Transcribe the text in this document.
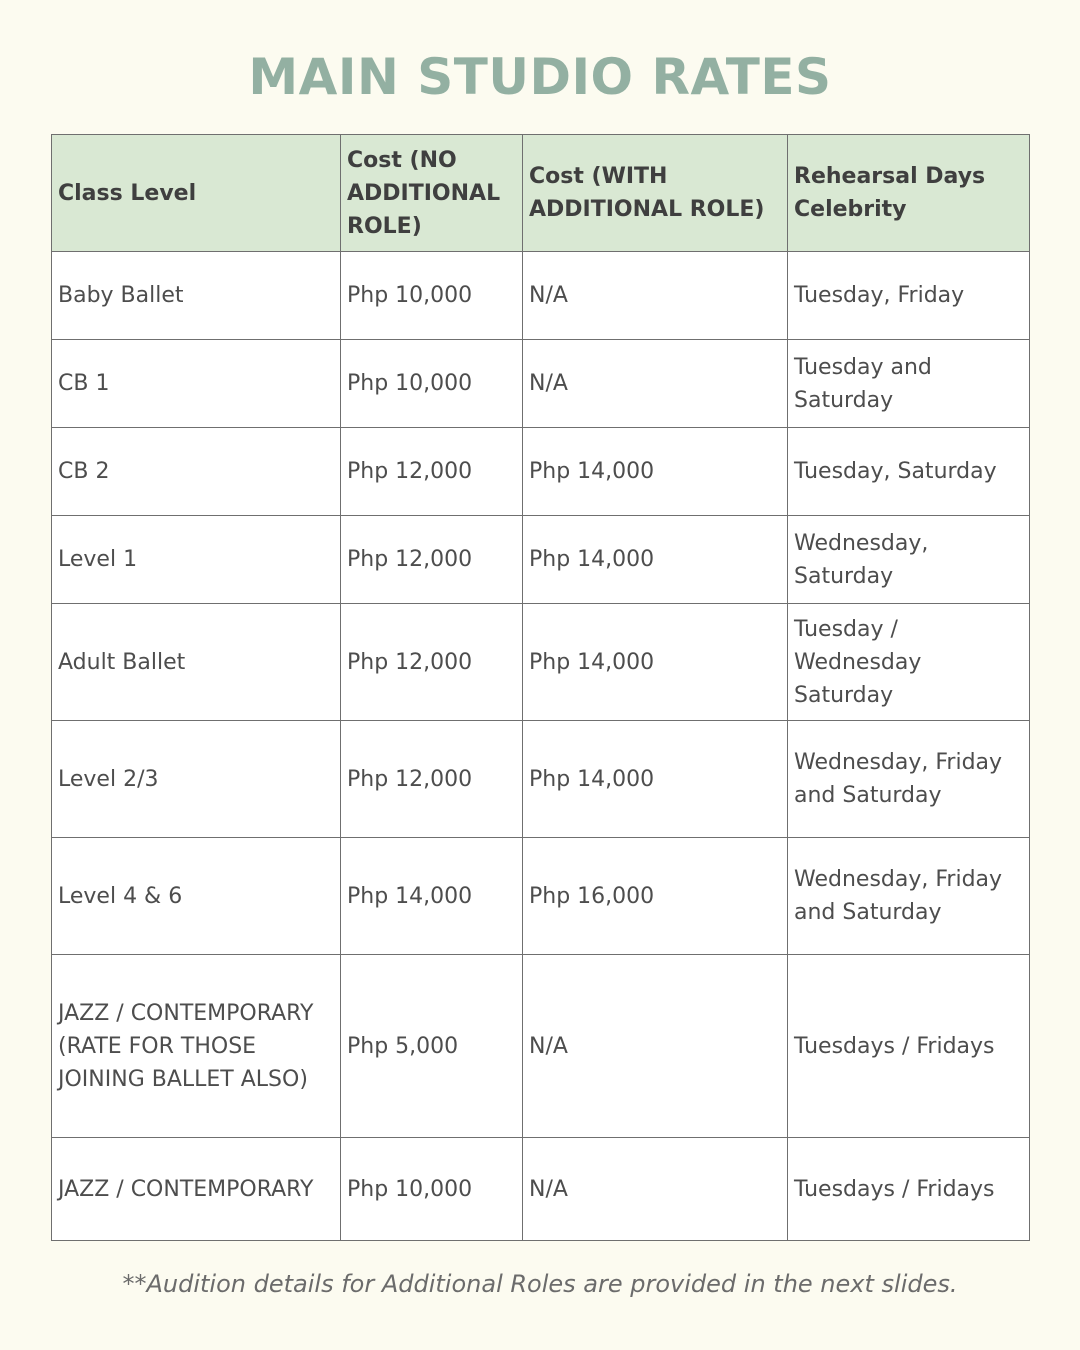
MAIN STUDIO RATES
Class Level	Cost (NO ADDITIONAL ROLE)	Cost (WITH ADDITIONAL ROLE)	Rehearsal Days Celebrity
Baby Ballet	Php 10,000	N/A	Tuesday, Friday
CB 1	Php 10,000	N/A	Tuesday and Saturday
CB 2	Php 12,000	Php 14,000	Tuesday, Saturday
Level 1	Php 12,000	Php 14,000	Wednesday, Saturday
Adult Ballet	Php 12,000	Php 14,000	Tuesday / Wednesday Saturday
Level 2/3	Php 12,000	Php 14,000	Wednesday, Friday and Saturday
Level 4 & 6	Php 14,000	Php 16,000	Wednesday, Friday and Saturday
JAZZ / CONTEMPORARY (RATE FOR THOSE JOINING BALLET ALSO)	Php 5,000	N/A	Tuesdays / Fridays
JAZZ / CONTEMPORARY	Php 10,000	N/A	Tuesdays / Fridays

**Audition details for Additional Roles are provided in the next slides.
